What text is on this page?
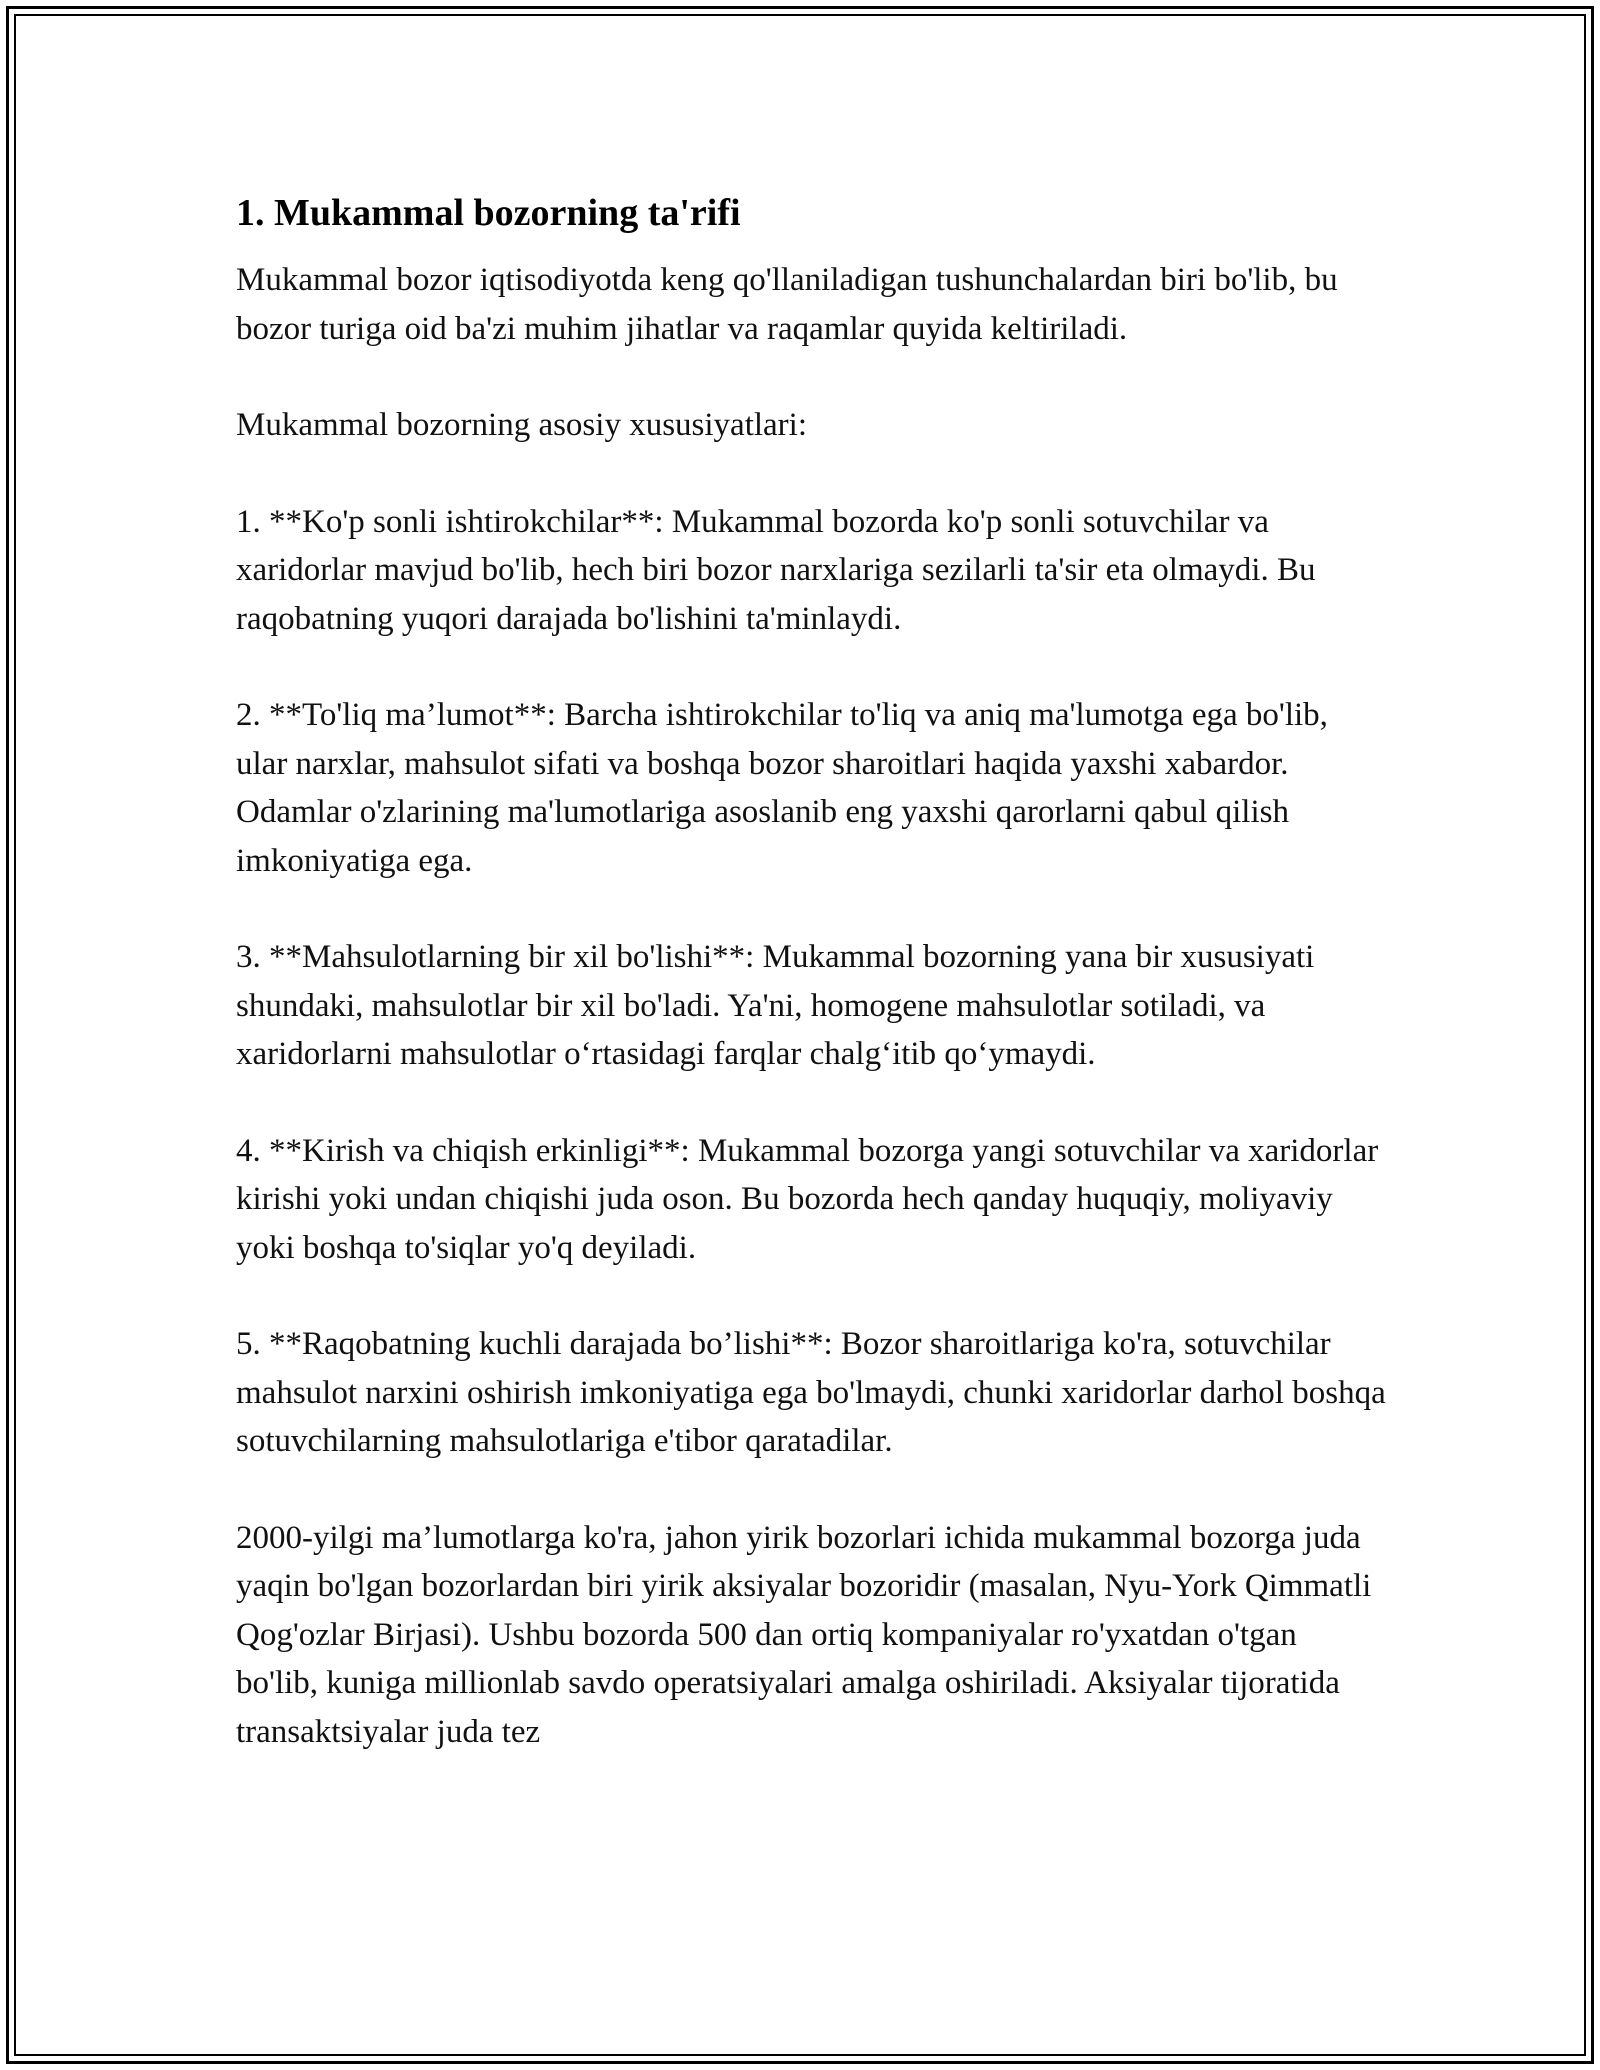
1. Mukammal bozorning ta'rifi

Mukammal bozor iqtisodiyotda keng qo'llaniladigan tushunchalardan biri bo'lib, bu bozor turiga oid ba'zi muhim jihatlar va raqamlar quyida keltiriladi.

Mukammal bozorning asosiy xususiyatlari:

1. **Ko'p sonli ishtirokchilar**: Mukammal bozorda ko'p sonli sotuvchilar va xaridorlar mavjud bo'lib, hech biri bozor narxlariga sezilarli ta'sir eta olmaydi. Bu raqobatning yuqori darajada bo'lishini ta'minlaydi.

2. **To'liq ma’lumot**: Barcha ishtirokchilar to'liq va aniq ma'lumotga ega bo'lib, ular narxlar, mahsulot sifati va boshqa bozor sharoitlari haqida yaxshi xabardor. Odamlar o'zlarining ma'lumotlariga asoslanib eng yaxshi qarorlarni qabul qilish imkoniyatiga ega.

3. **Mahsulotlarning bir xil bo'lishi**: Mukammal bozorning yana bir xususiyati shundaki, mahsulotlar bir xil bo'ladi. Ya'ni, homogene mahsulotlar sotiladi, va xaridorlarni mahsulotlar o‘rtasidagi farqlar chalg‘itib qo‘ymaydi.

4. **Kirish va chiqish erkinligi**: Mukammal bozorga yangi sotuvchilar va xaridorlar kirishi yoki undan chiqishi juda oson. Bu bozorda hech qanday huquqiy, moliyaviy yoki boshqa to'siqlar yo'q deyiladi.

5. **Raqobatning kuchli darajada bo’lishi**: Bozor sharoitlariga ko'ra, sotuvchilar mahsulot narxini oshirish imkoniyatiga ega bo'lmaydi, chunki xaridorlar darhol boshqa sotuvchilarning mahsulotlariga e'tibor qaratadilar.

2000-yilgi ma’lumotlarga ko'ra, jahon yirik bozorlari ichida mukammal bozorga juda yaqin bo'lgan bozorlardan biri yirik aksiyalar bozoridir (masalan, Nyu-York Qimmatli Qog'ozlar Birjasi). Ushbu bozorda 500 dan ortiq kompaniyalar ro'yxatdan o'tgan bo'lib, kuniga millionlab savdo operatsiyalari amalga oshiriladi. Aksiyalar tijoratida transaktsiyalar juda tez
